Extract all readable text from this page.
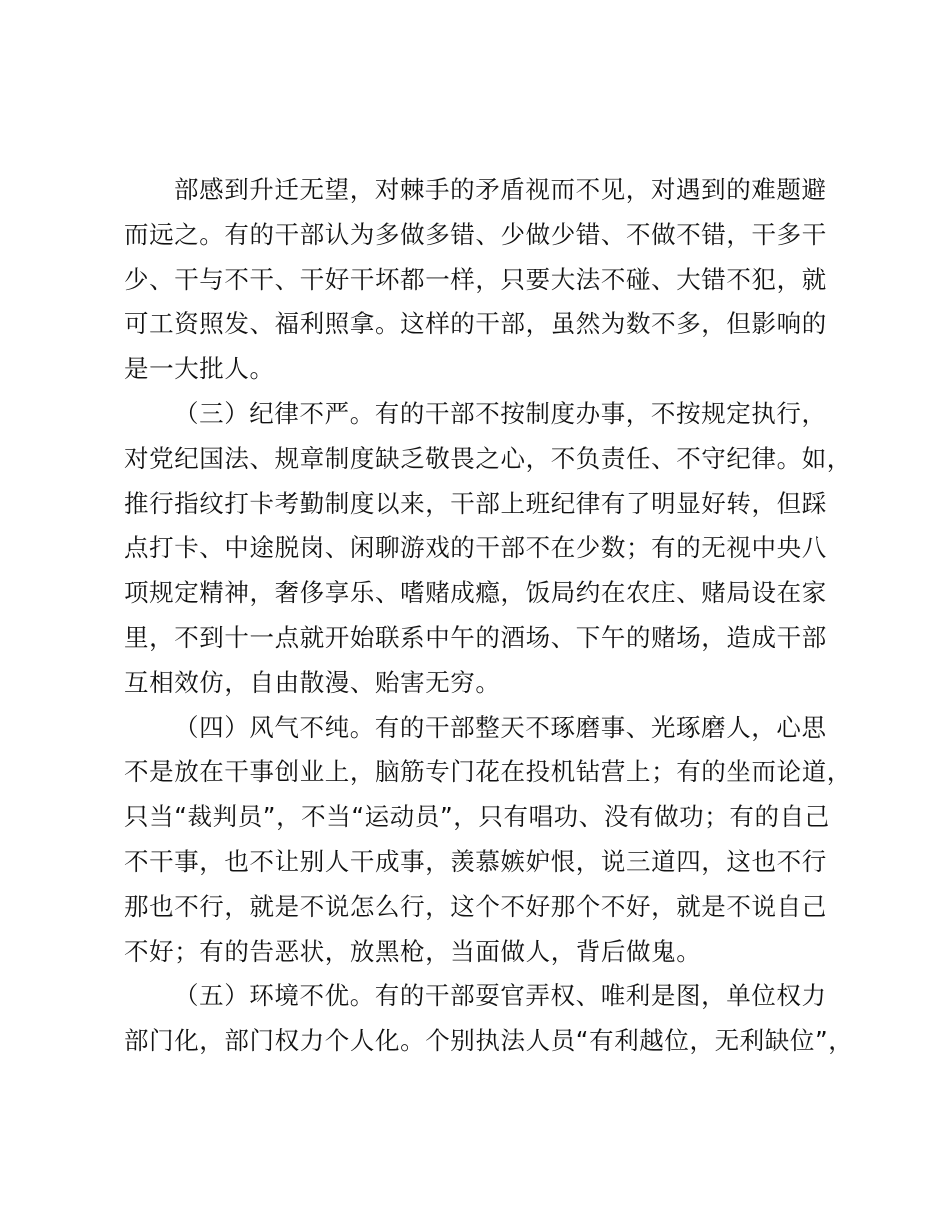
部感到升迁无望，对棘手的矛盾视而不见，对遇到的难题避
而远之。有的干部认为多做多错、少做少错、不做不错，干多干
少、干与不干、干好干坏都一样，只要大法不碰、大错不犯，就
可工资照发、福利照拿。这样的干部，虽然为数不多，但影响的
是一大批人。
（三）纪律不严。有的干部不按制度办事，不按规定执行，
对党纪国法、规章制度缺乏敬畏之心，不负责任、不守纪律。如，
推行指纹打卡考勤制度以来，干部上班纪律有了明显好转，但踩
点打卡、中途脱岗、闲聊游戏的干部不在少数；有的无视中央八
项规定精神，奢侈享乐、嗜赌成瘾，饭局约在农庄、赌局设在家
里，不到十一点就开始联系中午的酒场、下午的赌场，造成干部
互相效仿，自由散漫、贻害无穷。
（四）风气不纯。有的干部整天不琢磨事、光琢磨人，心思
不是放在干事创业上，脑筋专门花在投机钻营上；有的坐而论道，
只当“裁判员”，不当“运动员”，只有唱功、没有做功；有的自己
不干事，也不让别人干成事，羡慕嫉妒恨，说三道四，这也不行
那也不行，就是不说怎么行，这个不好那个不好，就是不说自己
不好；有的告恶状，放黑枪，当面做人，背后做鬼。
（五）环境不优。有的干部耍官弄权、唯利是图，单位权力
部门化，部门权力个人化。个别执法人员“有利越位，无利缺位”，
